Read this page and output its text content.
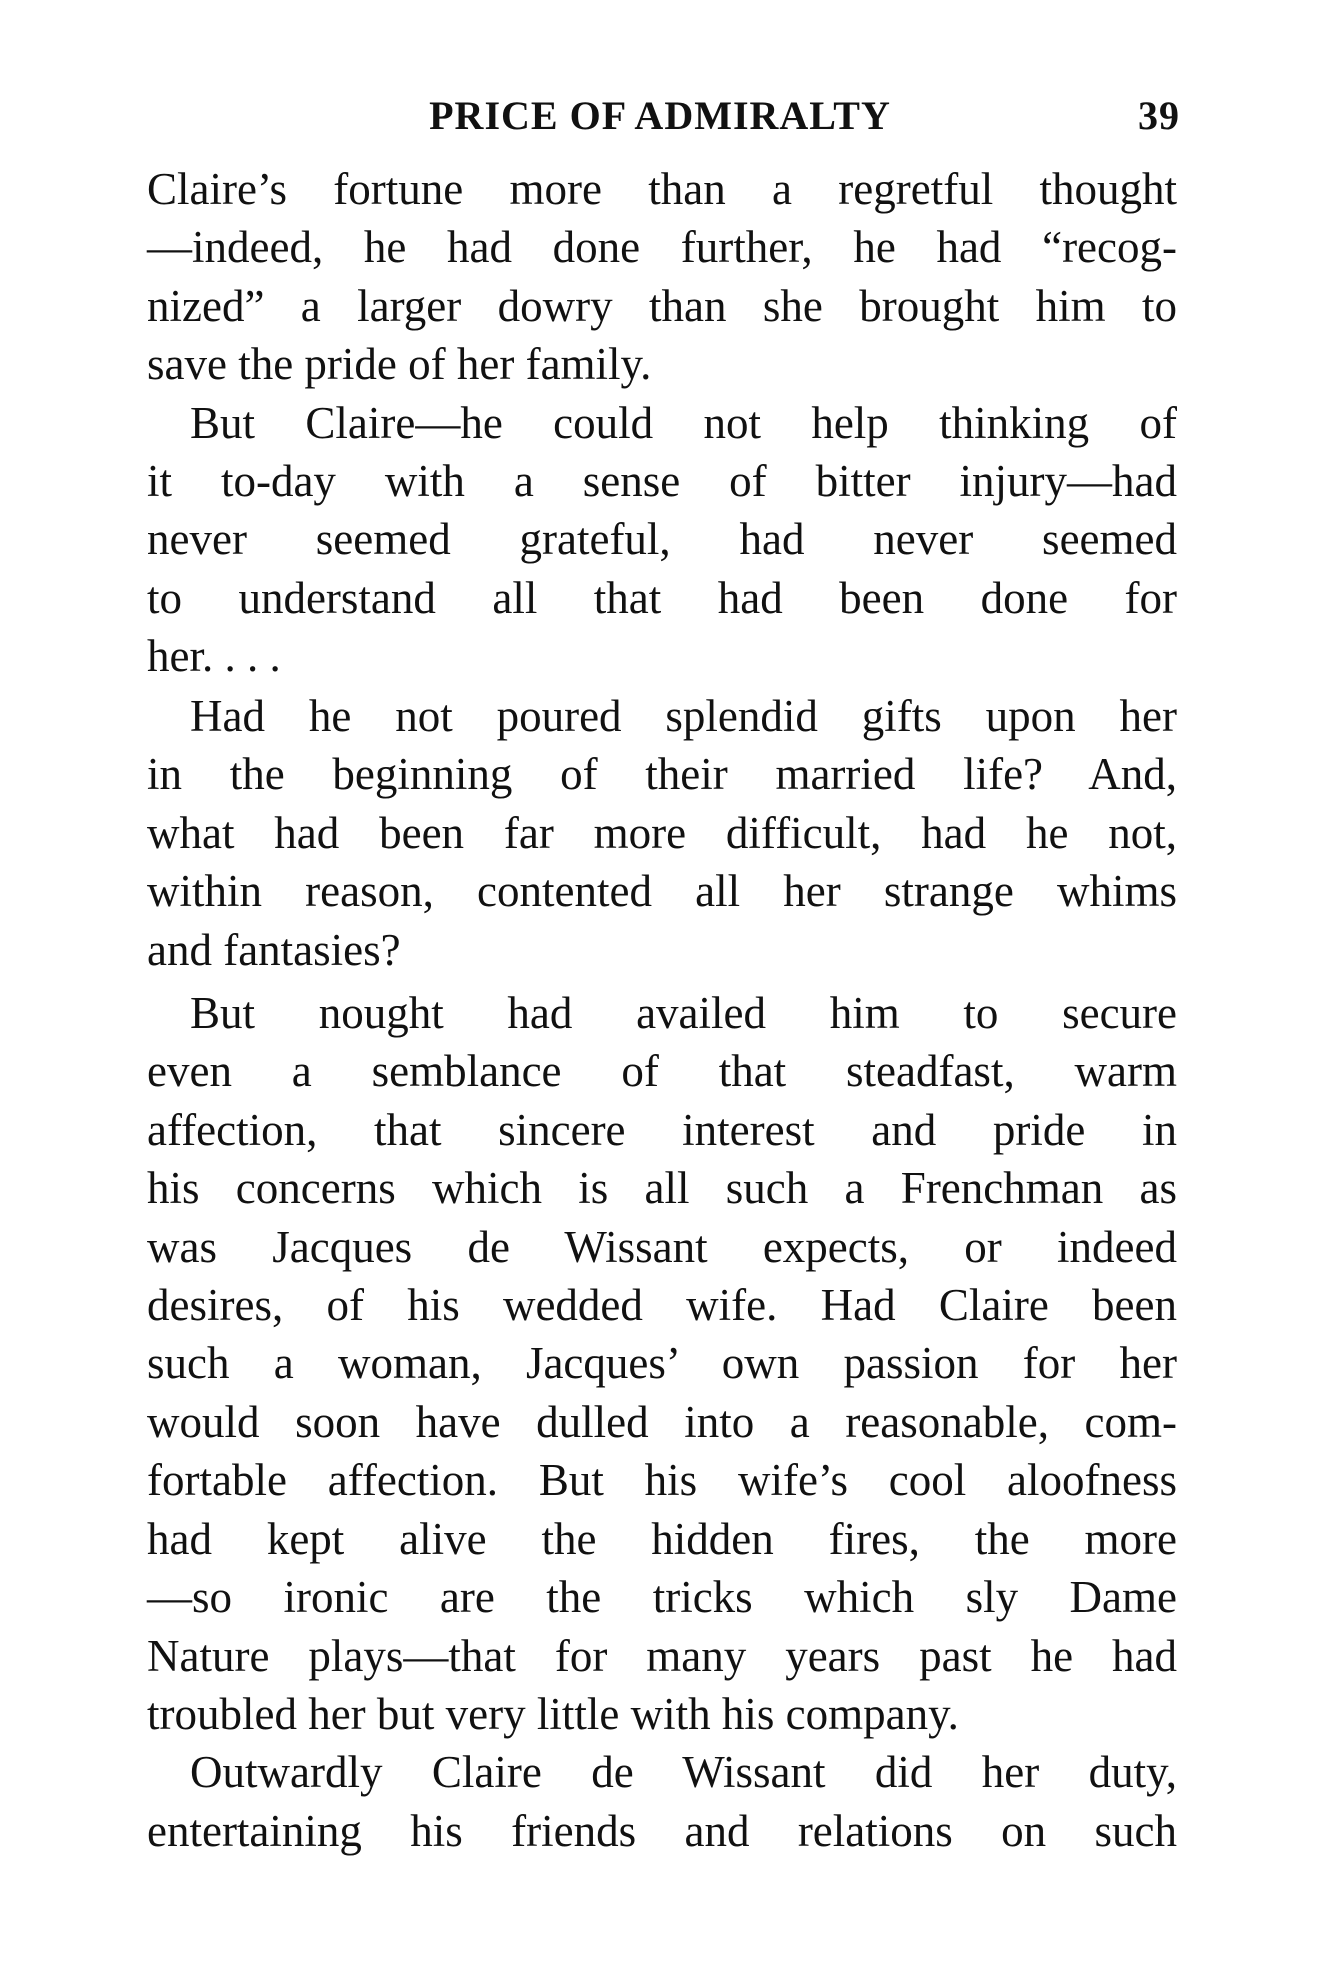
PRICE OF ADMIRALTY	39
Claire’s fortune more than a regretful thought
—indeed, he had done further, he had “recog-
nized” a larger dowry than she brought him to
save the pride of her family.
But Claire—he could not help thinking of
it to-day with a sense of bitter injury—had
never seemed grateful, had never seemed
to understand all that had been done for
her. . . .
Had he not poured splendid gifts upon her
in the beginning of their married life? And,
what had been far more difficult, had he not,
within reason, contented all her strange whims
and fantasies?
But nought had availed him to secure
even a semblance of that steadfast, warm
affection, that sincere interest and pride in
his concerns which is all such a Frenchman as
was Jacques de Wissant expects, or indeed
desires, of his wedded wife. Had Claire been
such a woman, Jacques’ own passion for her
would soon have dulled into a reasonable, com-
fortable affection. But his wife’s cool aloofness
had kept alive the hidden fires, the more
—so ironic are the tricks which sly Dame
Nature plays—that for many years past he had
troubled her but very little with his company.
Outwardly Claire de Wissant did her duty,
entertaining his friends and relations on such
